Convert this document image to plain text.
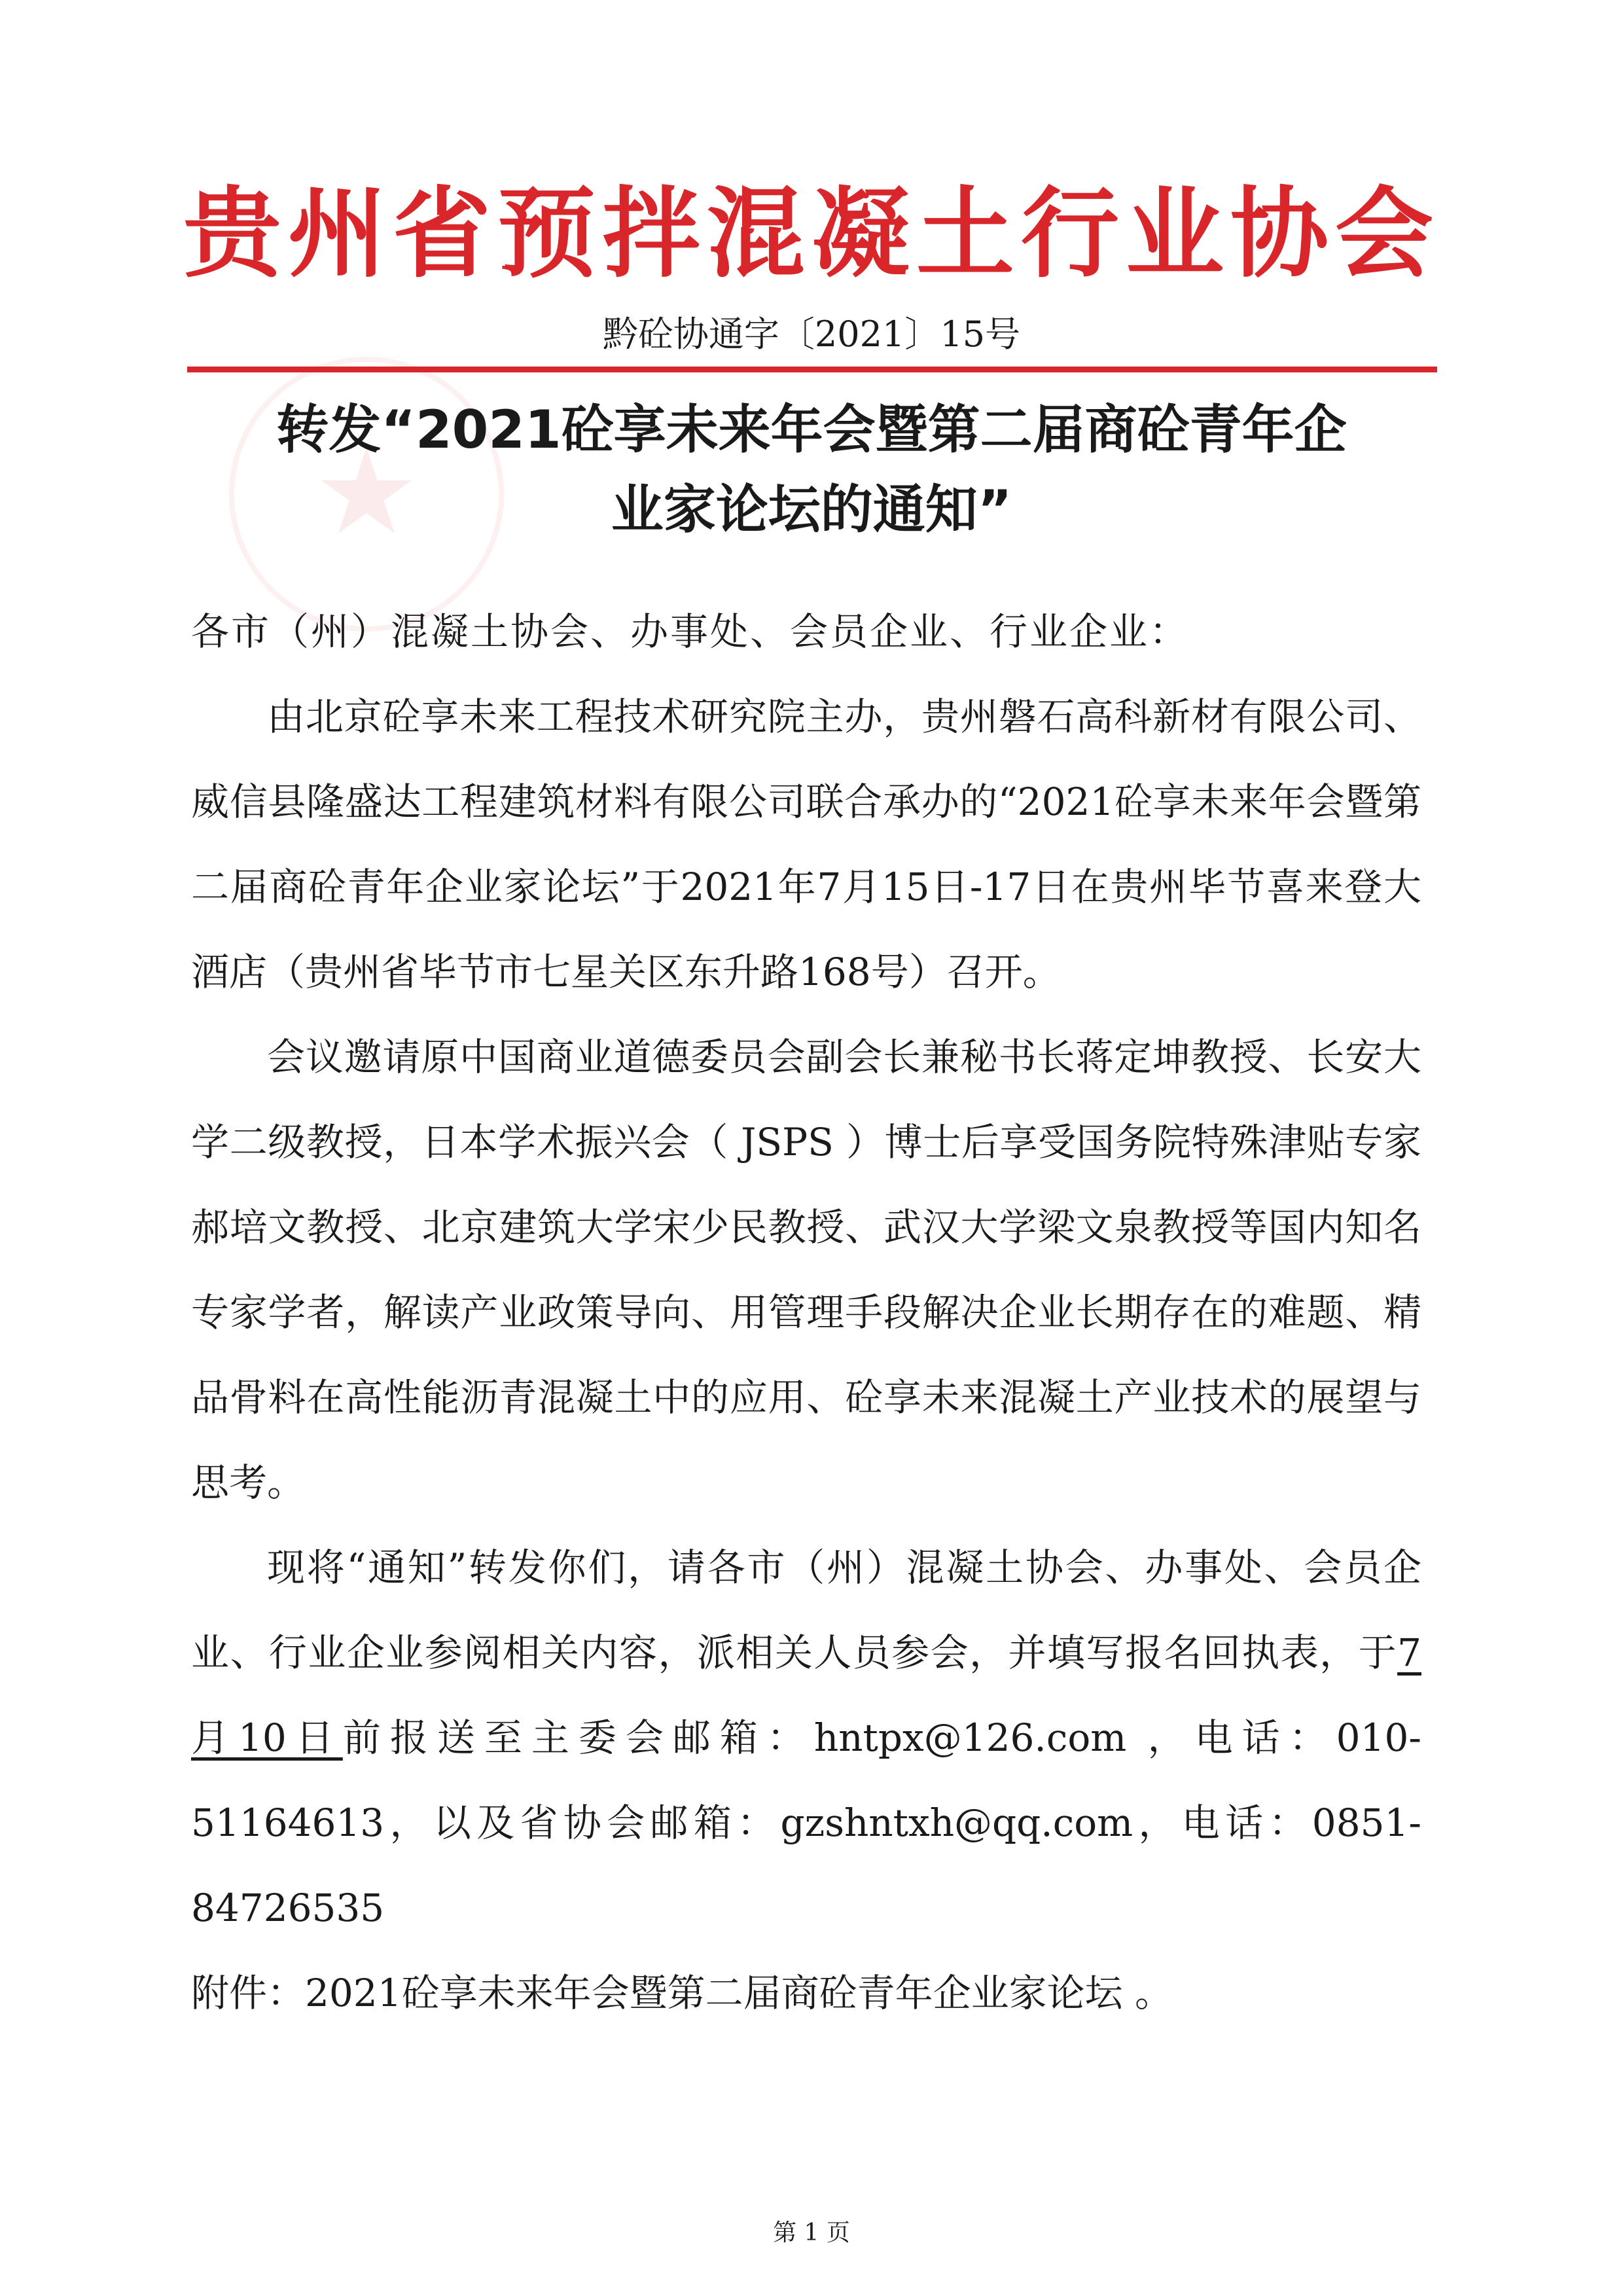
★
贵州省预拌混凝土行业协会
黔砼协通字〔2021〕15号
转发“2021砼享未来年会暨第二届商砼青年企
业家论坛的通知”

各市（州）混凝土协会、办事处、会员企业、行业企业：

由北京砼享未来工程技术研究院主办，贵州磐石高科新材有限公司、威信县隆盛达工程建筑材料有限公司联合承办的“2021砼享未来年会暨第二届商砼青年企业家论坛”于2021年7月15日-17日在贵州毕节喜来登大酒店（贵州省毕节市七星关区东升路168号）召开。

会议邀请原中国商业道德委员会副会长兼秘书长蒋定坤教授、长安大学二级教授，日本学术振兴会（ JSPS ）博士后享受国务院特殊津贴专家郝培文教授、北京建筑大学宋少民教授、武汉大学梁文泉教授等国内知名专家学者，解读产业政策导向、用管理手段解决企业长期存在的难题、精品骨料在高性能沥青混凝土中的应用、砼享未来混凝土产业技术的展望与思考。

现将“通知”转发你们，请各市（州）混凝土协会、办事处、会员企业、行业企业参阅相关内容，派相关人员参会，并填写报名回执表，于7月10日前报送至主委会邮箱：hntpx@126.com ，电话：010-51164613，以及省协会邮箱：gzshntxh@qq.com，电话：0851-84726535

附件：2021砼享未来年会暨第二届商砼青年企业家论坛 。

第 1 页
